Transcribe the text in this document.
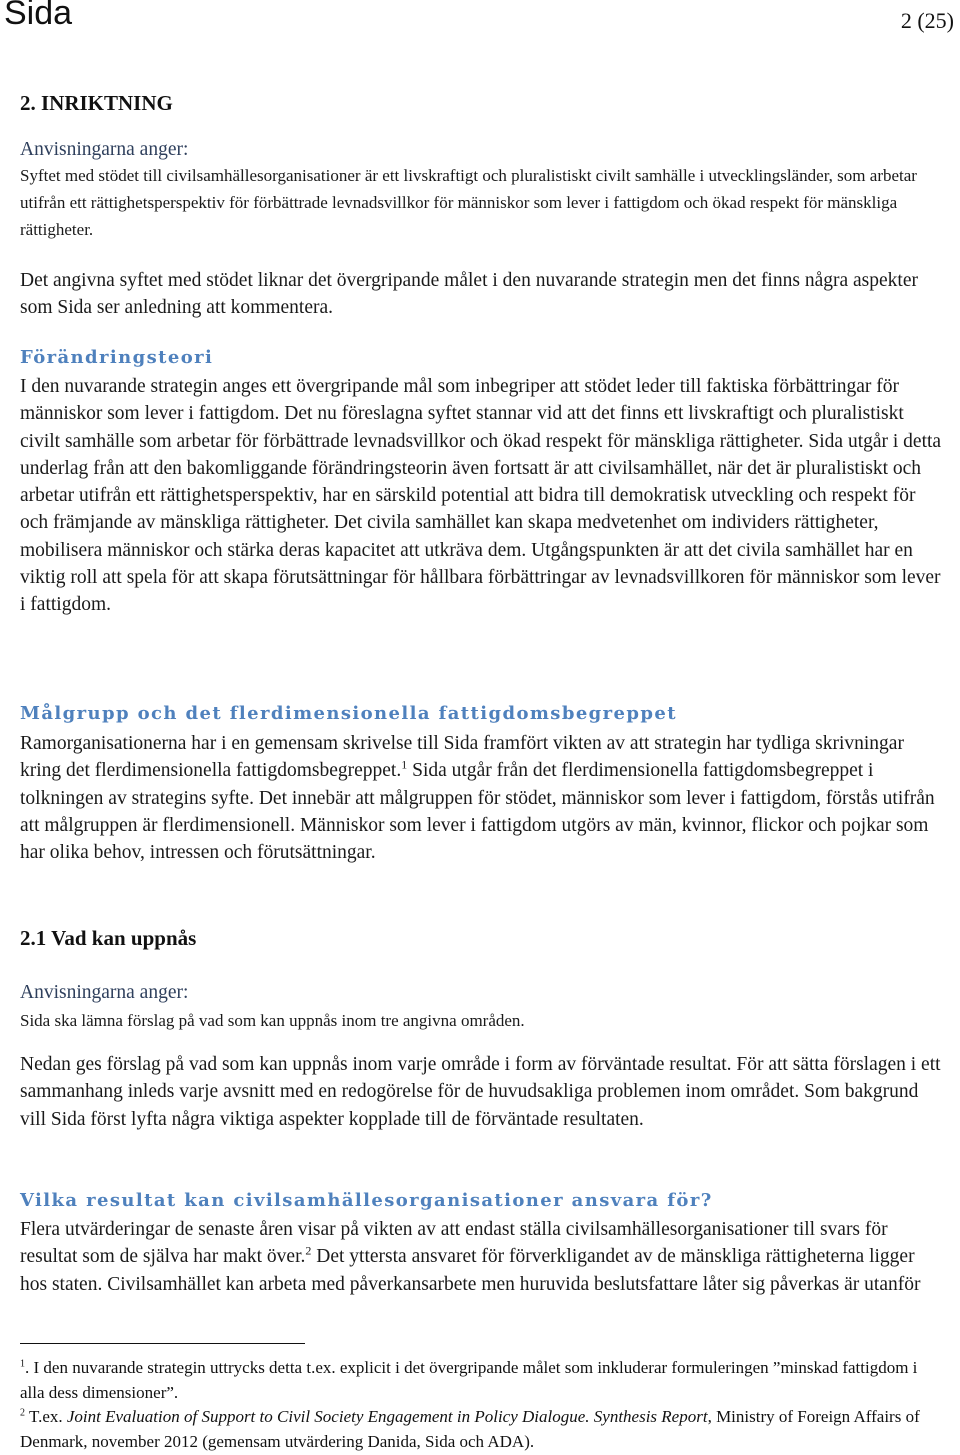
Sida	2 (25)
2. INRIKTNING
Anvisningarna anger:
Syftet med stödet till civilsamhällesorganisationer är ett livskraftigt och pluralistiskt civilt samhälle i utvecklingsländer, som arbetar utifrån ett rättighetsperspektiv för förbättrade levnadsvillkor för människor som lever i fattigdom och ökad respekt för mänskliga rättigheter.
Det angivna syftet med stödet liknar det övergripande målet i den nuvarande strategin men det finns några aspekter som Sida ser anledning att kommentera.
Förändringsteori
I den nuvarande strategin anges ett övergripande mål som inbegriper att stödet leder till faktiska förbättringar för människor som lever i fattigdom. Det nu föreslagna syftet stannar vid att det finns ett livskraftigt och pluralistiskt civilt samhälle som arbetar för förbättrade levnadsvillkor och ökad respekt för mänskliga rättigheter. Sida utgår i detta underlag från att den bakomliggande förändringsteorin även fortsatt är att civilsamhället, när det är pluralistiskt och arbetar utifrån ett rättighetsperspektiv, har en särskild potential att bidra till demokratisk utveckling och respekt för och främjande av mänskliga rättigheter. Det civila samhället kan skapa medvetenhet om individers rättigheter, mobilisera människor och stärka deras kapacitet att utkräva dem. Utgångspunkten är att det civila samhället har en viktig roll att spela för att skapa förutsättningar för hållbara förbättringar av levnadsvillkoren för människor som lever i fattigdom.
Målgrupp och det flerdimensionella fattigdomsbegreppet
Ramorganisationerna har i en gemensam skrivelse till Sida framfört vikten av att strategin har tydliga skrivningar kring det flerdimensionella fattigdomsbegreppet.$^1$ Sida utgår från det flerdimensionella fattigdomsbegreppet i tolkningen av strategins syfte. Det innebär att målgruppen för stödet, människor som lever i fattigdom, förstås utifrån att målgruppen är flerdimensionell. Människor som lever i fattigdom utgörs av män, kvinnor, flickor och pojkar som har olika behov, intressen och förutsättningar.
2.1 Vad kan uppnås
Anvisningarna anger:
Sida ska lämna förslag på vad som kan uppnås inom tre angivna områden.
Nedan ges förslag på vad som kan uppnås inom varje område i form av förväntade resultat. För att sätta förslagen i ett sammanhang inleds varje avsnitt med en redogörelse för de huvudsakliga problemen inom området. Som bakgrund vill Sida först lyfta några viktiga aspekter kopplade till de förväntade resultaten.
Vilka resultat kan civilsamhällesorganisationer ansvara för?
Flera utvärderingar de senaste åren visar på vikten av att endast ställa civilsamhällesorganisationer till svars för resultat som de själva har makt över.$^2$ Det yttersta ansvaret för förverkligandet av de mänskliga rättigheterna ligger hos staten. Civilsamhället kan arbeta med påverkansarbete men huruvida beslutsfattare låter sig påverkas är utanför
$^1$. I den nuvarande strategin uttrycks detta t.ex. explicit i det övergripande målet som inkluderar formuleringen ”minskad fattigdom i alla dess dimensioner”.
$^2$ T.ex. Joint Evaluation of Support to Civil Society Engagement in Policy Dialogue. Synthesis Report, Ministry of Foreign Affairs of Denmark, november 2012 (gemensam utvärdering Danida, Sida och ADA).
